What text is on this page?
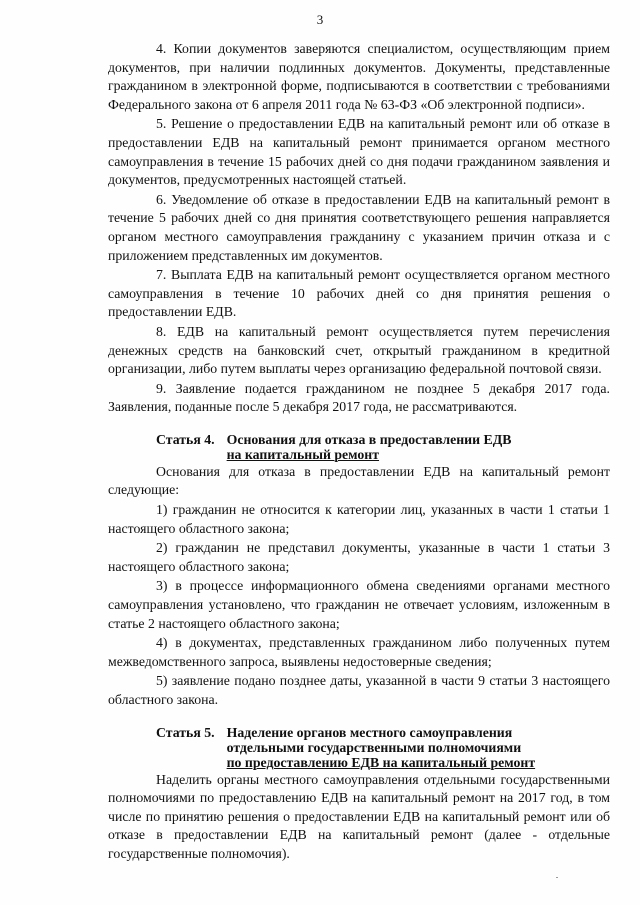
3

4. Копии документов заверяются специалистом, осуществляющим прием документов, при наличии подлинных документов. Документы, представленные гражданином в электронной форме, подписываются в соответствии с требованиями Федерального закона от 6 апреля 2011 года № 63-ФЗ «Об электронной подписи».

5. Решение о предоставлении ЕДВ на капитальный ремонт или об отказе в предоставлении ЕДВ на капитальный ремонт принимается органом местного самоуправления в течение 15 рабочих дней со дня подачи гражданином заявления и документов, предусмотренных настоящей статьей.

6. Уведомление об отказе в предоставлении ЕДВ на капитальный ремонт в течение 5 рабочих дней со дня принятия соответствующего решения направляется органом местного самоуправления гражданину с указанием причин отказа и с приложением представленных им документов.

7. Выплата ЕДВ на капитальный ремонт осуществляется органом местного самоуправления в течение 10 рабочих дней со дня принятия решения о предоставлении ЕДВ.

8. ЕДВ на капитальный ремонт осуществляется путем перечисления денежных средств на банковский счет, открытый гражданином в кредитной организации, либо путем выплаты через организацию федеральной почтовой связи.

9. Заявление подается гражданином не позднее 5 декабря 2017 года. Заявления, поданные после 5 декабря 2017 года, не рассматриваются.

Статья 4. Основания для отказа в предоставлении ЕДВ
на капитальный ремонт

Основания для отказа в предоставлении ЕДВ на капитальный ремонт следующие:

1) гражданин не относится к категории лиц, указанных в части 1 статьи 1 настоящего областного закона;

2) гражданин не представил документы, указанные в части 1 статьи 3 настоящего областного закона;

3) в процессе информационного обмена сведениями органами местного самоуправления установлено, что гражданин не отвечает условиям, изложенным в статье 2 настоящего областного закона;

4) в документах, представленных гражданином либо полученных путем межведомственного запроса, выявлены недостоверные сведения;

5) заявление подано позднее даты, указанной в части 9 статьи 3 настоящего областного закона.

Статья 5. Наделение органов местного самоуправления
отдельными государственными полномочиями
по предоставлению ЕДВ на капитальный ремонт

Наделить органы местного самоуправления отдельными государственными полномочиями по предоставлению ЕДВ на капитальный ремонт на 2017 год, в том числе по принятию решения о предоставлении ЕДВ на капитальный ремонт или об отказе в предоставлении ЕДВ на капитальный ремонт (далее - отдельные государственные полномочия).
